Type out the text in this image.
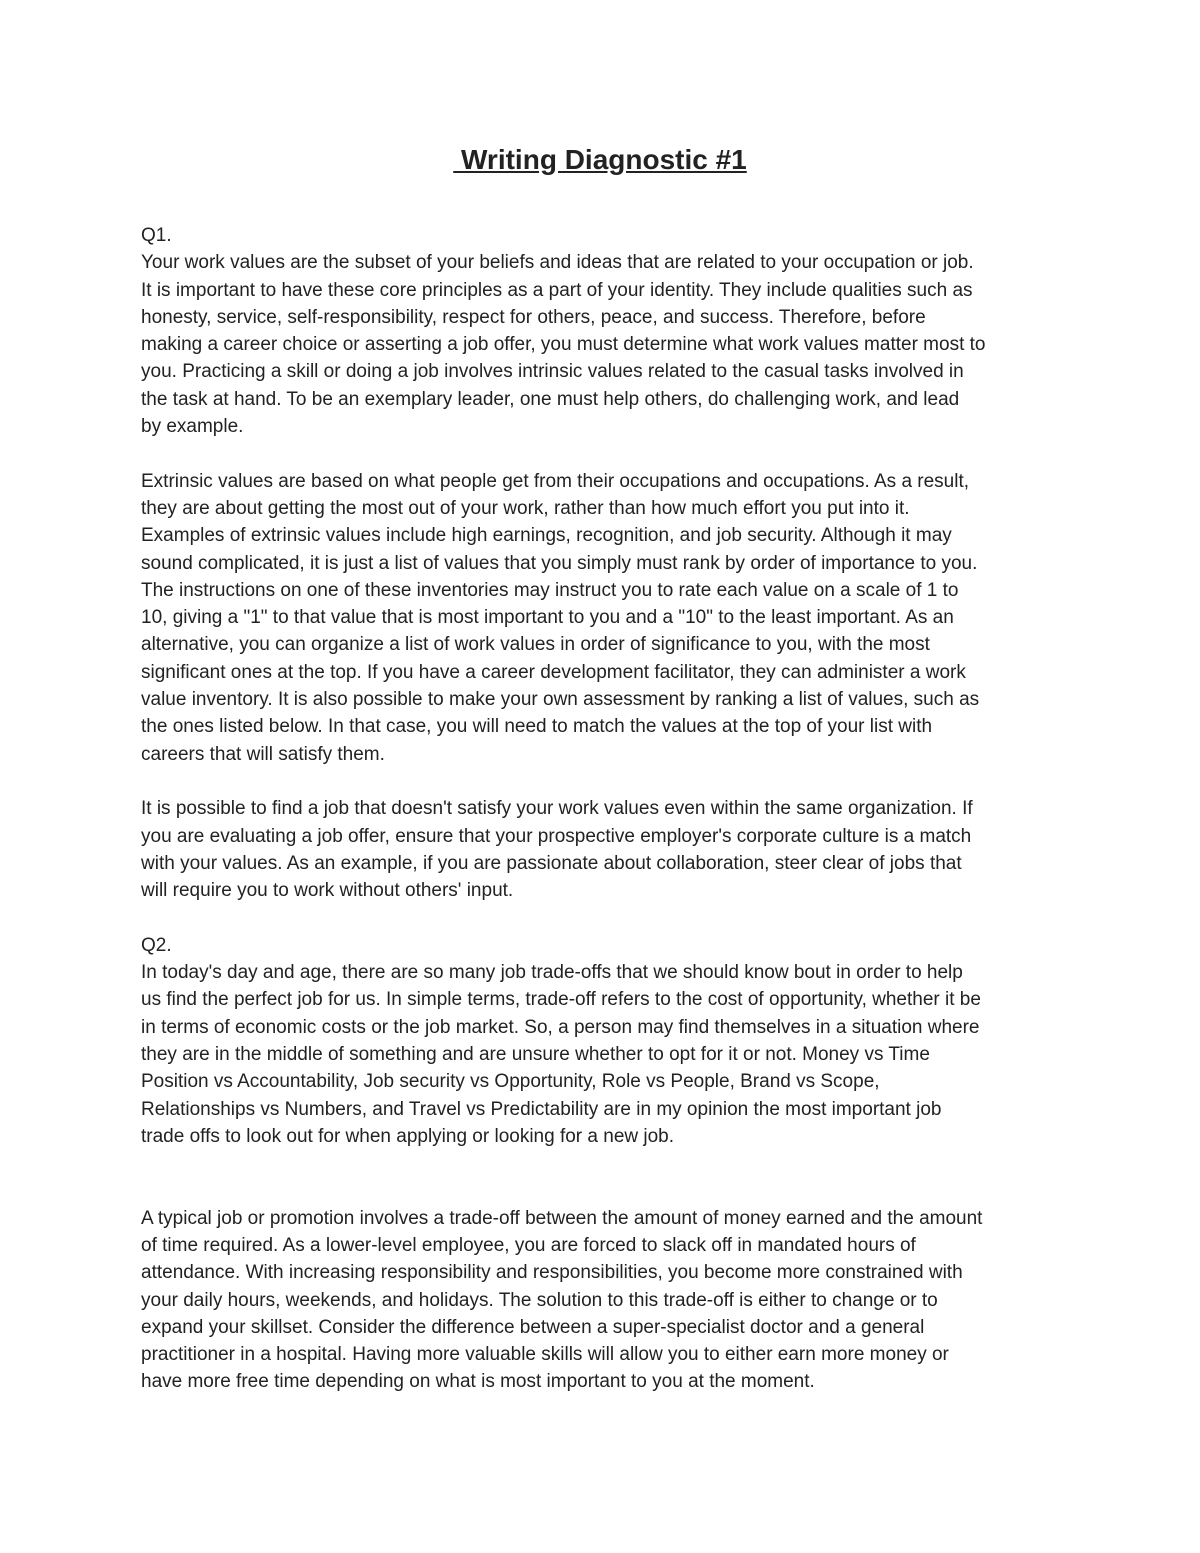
Writing Diagnostic #1
Q1.
Your work values are the subset of your beliefs and ideas that are related to your occupation or job.
It is important to have these core principles as a part of your identity. They include qualities such as
honesty, service, self-responsibility, respect for others, peace, and success. Therefore, before
making a career choice or asserting a job offer, you must determine what work values matter most to
you. Practicing a skill or doing a job involves intrinsic values related to the casual tasks involved in
the task at hand. To be an exemplary leader, one must help others, do challenging work, and lead
by example.
Extrinsic values are based on what people get from their occupations and occupations. As a result,
they are about getting the most out of your work, rather than how much effort you put into it.
Examples of extrinsic values include high earnings, recognition, and job security. Although it may
sound complicated, it is just a list of values that you simply must rank by order of importance to you.
The instructions on one of these inventories may instruct you to rate each value on a scale of 1 to
10, giving a "1" to that value that is most important to you and a "10" to the least important. As an
alternative, you can organize a list of work values in order of significance to you, with the most
significant ones at the top. If you have a career development facilitator, they can administer a work
value inventory. It is also possible to make your own assessment by ranking a list of values, such as
the ones listed below. In that case, you will need to match the values at the top of your list with
careers that will satisfy them.
It is possible to find a job that doesn't satisfy your work values even within the same organization. If
you are evaluating a job offer, ensure that your prospective employer's corporate culture is a match
with your values. As an example, if you are passionate about collaboration, steer clear of jobs that
will require you to work without others' input.
Q2.
In today's day and age, there are so many job trade-offs that we should know bout in order to help
us find the perfect job for us. In simple terms, trade-off refers to the cost of opportunity, whether it be
in terms of economic costs or the job market. So, a person may find themselves in a situation where
they are in the middle of something and are unsure whether to opt for it or not. Money vs Time
Position vs Accountability, Job security vs Opportunity, Role vs People, Brand vs Scope,
Relationships vs Numbers, and Travel vs Predictability are in my opinion the most important job
trade offs to look out for when applying or looking for a new job.
A typical job or promotion involves a trade-off between the amount of money earned and the amount
of time required. As a lower-level employee, you are forced to slack off in mandated hours of
attendance. With increasing responsibility and responsibilities, you become more constrained with
your daily hours, weekends, and holidays. The solution to this trade-off is either to change or to
expand your skillset. Consider the difference between a super-specialist doctor and a general
practitioner in a hospital. Having more valuable skills will allow you to either earn more money or
have more free time depending on what is most important to you at the moment.
